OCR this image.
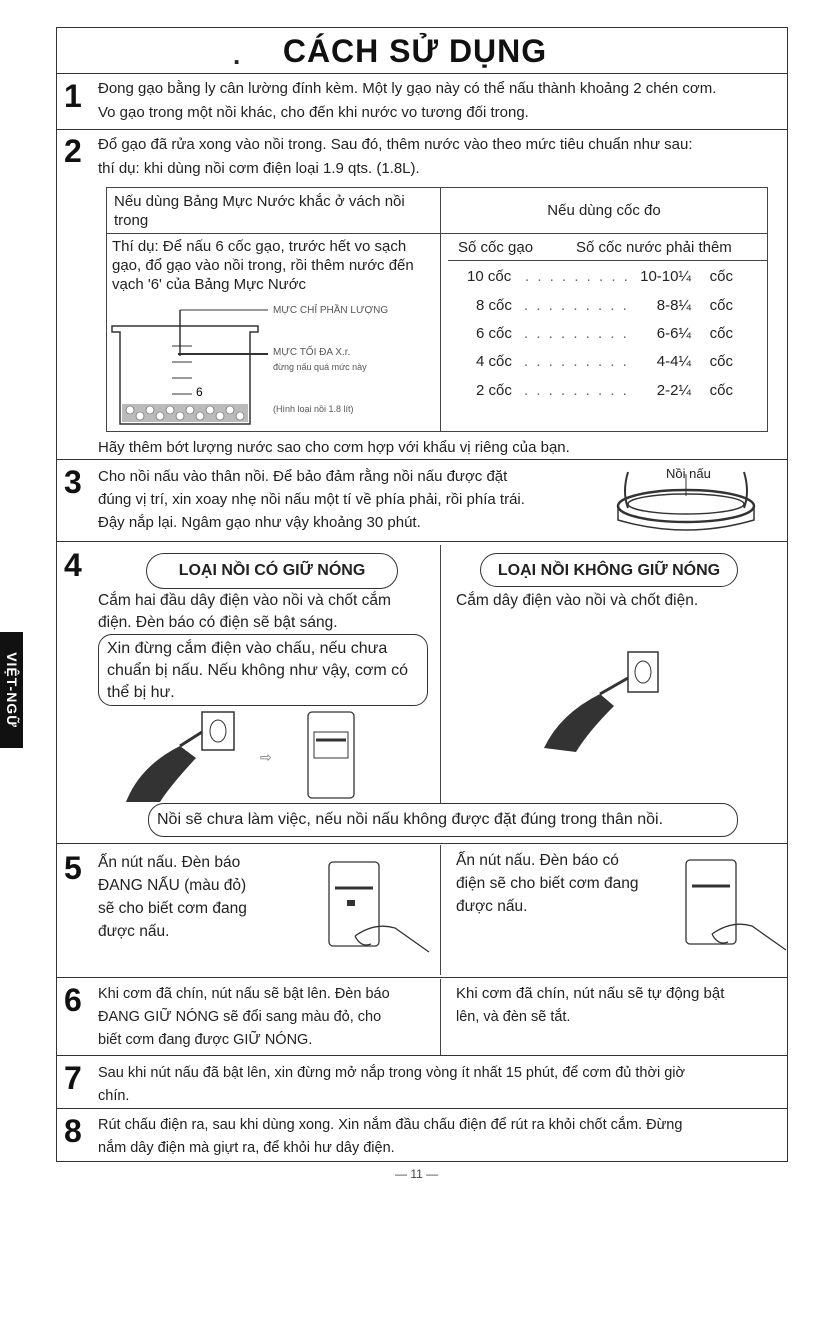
.	CÁCH SỬ DỤNG
VIỆT-NGỮ
1 Đong gạo bằng ly cân lường đính kèm. Một ly gạo này có thể nấu thành khoảng 2 chén cơm.
Vo gạo trong một nồi khác, cho đến khi nước vo tương đối trong.
2 Đổ gạo đã rửa xong vào nồi trong. Sau đó, thêm nước vào theo mức tiêu chuẩn như sau:
thí dụ: khi dùng nồi cơm điện loại 1.9 qts. (1.8L).
Nếu dùng Bảng Mực Nước khắc ở vách nồi trong
Nếu dùng cốc đo
Thí dụ: Để nấu 6 cốc gạo, trước hết vo sạch gạo, đổ gạo vào nồi trong, rồi thêm nước đến vạch '6' của Bảng Mực Nước
Số cốc gạo	Số cốc nước phải thêm
10 cốc . . . . . . . . . 10-10¼ cốc
8 cốc . . . . . . . . . 8-8¼ cốc
6 cốc . . . . . . . . . 6-6¼ cốc
4 cốc . . . . . . . . . 4-4¼ cốc
2 cốc . . . . . . . . . 2-2¼ cốc
6
MỰC CHỈ PHẦN LƯỢNG
MỰC TỐI ĐA X.r.
đừng nấu quá mức này
(Hình loại nồi 1.8 lít)
Hãy thêm bớt lượng nước sao cho cơm hợp với khẩu vị riêng của bạn.
3 Cho nồi nấu vào thân nồi. Để bảo đảm rằng nồi nấu được đặt
đúng vị trí, xin xoay nhẹ nồi nấu một tí về phía phải, rồi phía trái.
Đậy nắp lại. Ngâm gạo như vậy khoảng 30 phút.
Nồi nấu
4	LOẠI NỒI CÓ GIỮ NÓNG	LOẠI NỒI KHÔNG GIỮ NÓNG
Cắm hai đầu dây điện vào nồi và chốt cắm
điện. Đèn báo có điện sẽ bật sáng.
Cắm dây điện vào nồi và chốt điện.
Xin đừng cắm điện vào chấu, nếu chưa chuẩn bị nấu. Nếu không như vậy, cơm có thể bị hư.
⇨
Nồi sẽ chưa làm việc, nếu nồi nấu không được đặt đúng trong thân nồi.
5 Ấn nút nấu. Đèn báo
ĐANG NẤU (màu đỏ)
sẽ cho biết cơm đang
được nấu.
Ấn nút nấu. Đèn báo có
điện sẽ cho biết cơm đang
được nấu.
6 Khi cơm đã chín, nút nấu sẽ bật lên. Đèn báo
ĐANG GIỮ NÓNG sẽ đổi sang màu đỏ, cho
biết cơm đang được GIỮ NÓNG.
Khi cơm đã chín, nút nấu sẽ tự động bật
lên, và đèn sẽ tắt.
7 Sau khi nút nấu đã bật lên, xin đừng mở nắp trong vòng ít nhất 15 phút, để cơm đủ thời giờ
chín.
8 Rút chấu điện ra, sau khi dùng xong. Xin nắm đầu chấu điện để rút ra khỏi chốt cắm. Đừng
nắm dây điện mà giựt ra, để khỏi hư dây điện.
— 11 —
